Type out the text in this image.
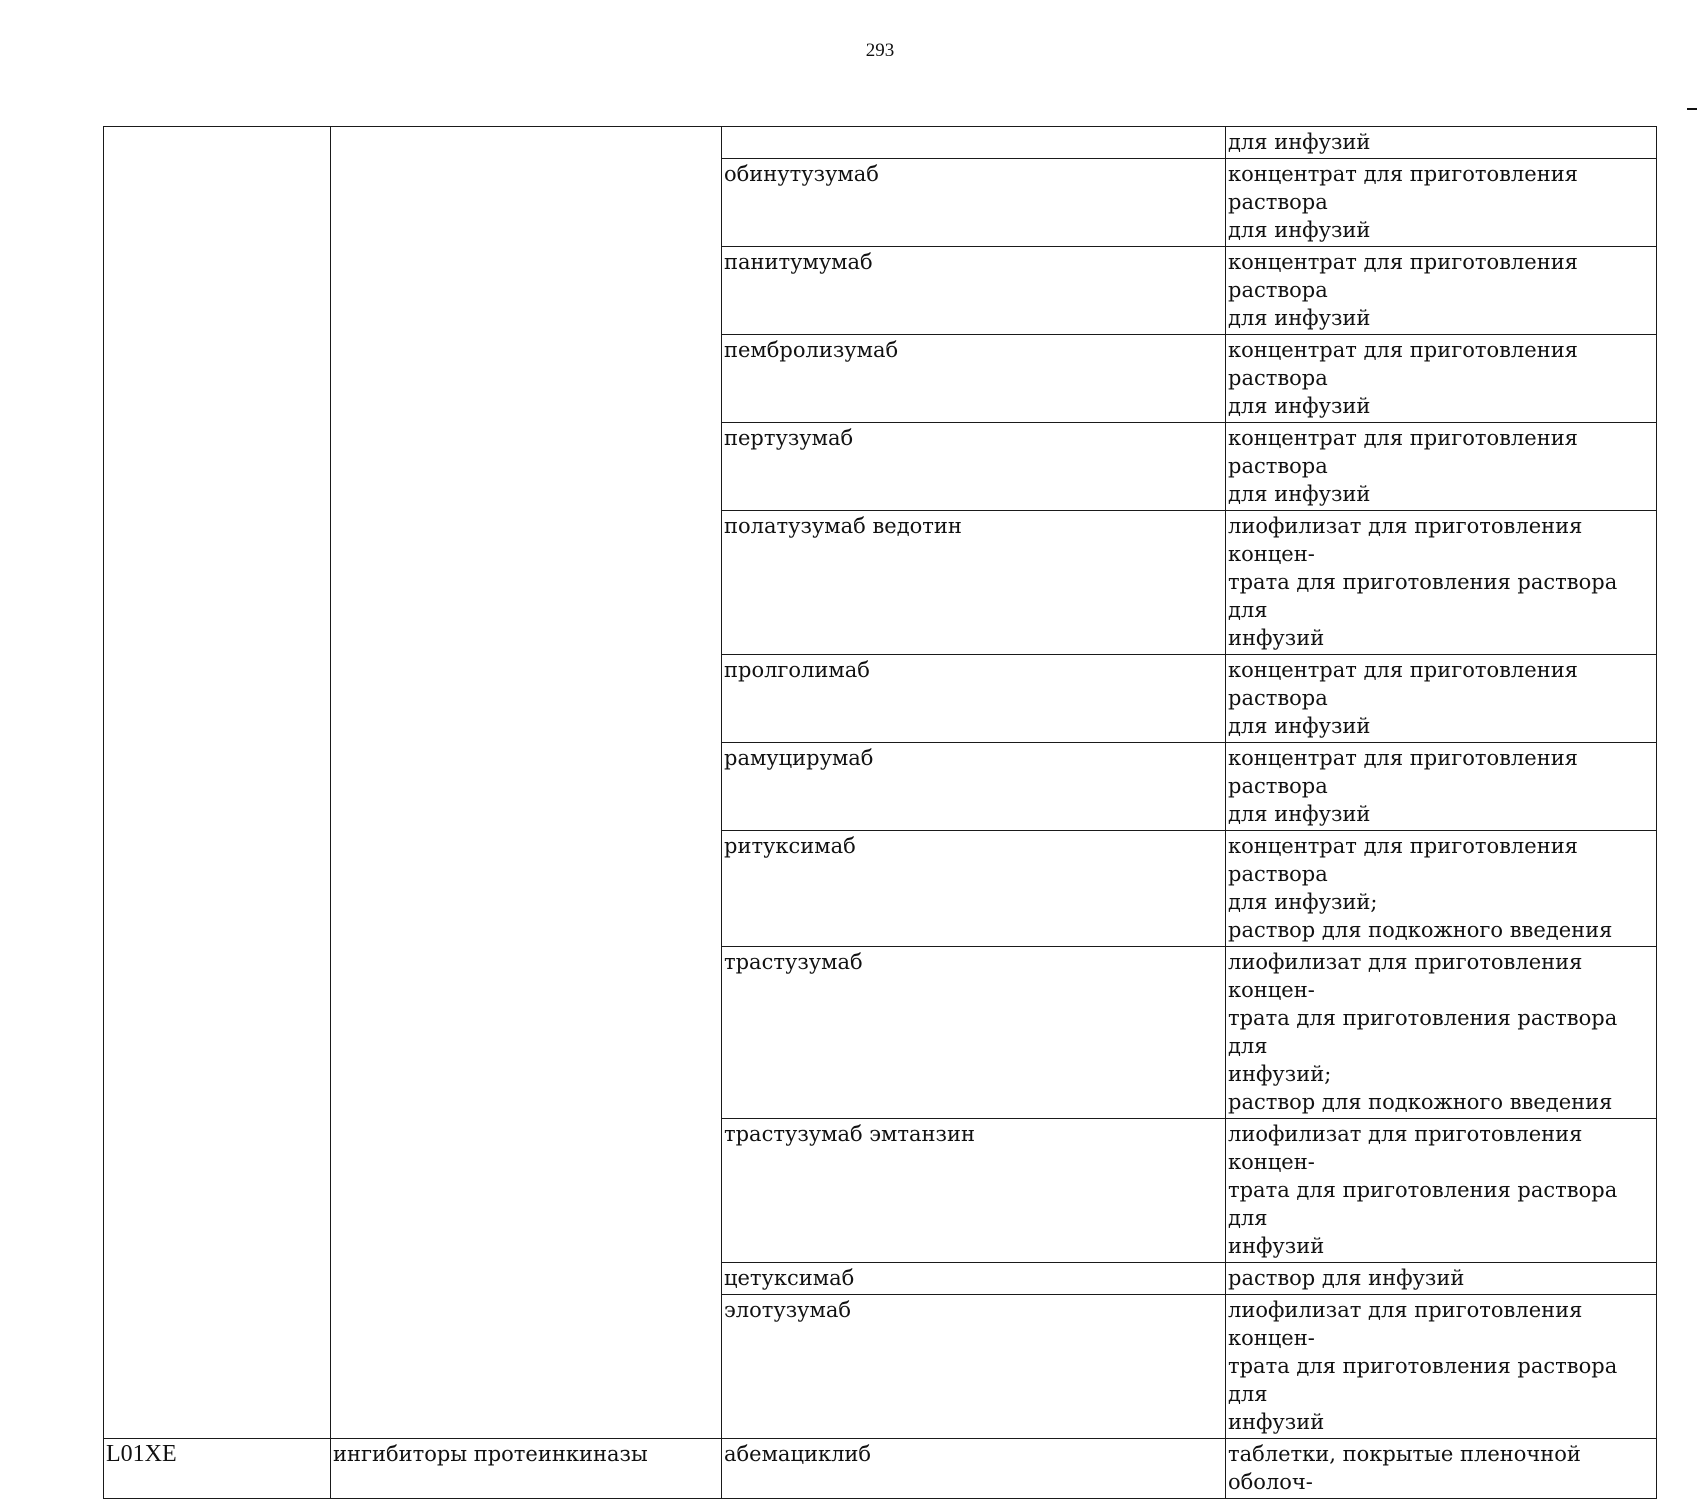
293
			для инфузий
		обинутузумаб	концентрат для приготовления раствора
для инфузий
		панитумумаб	концентрат для приготовления раствора
для инфузий
		пембролизумаб	концентрат для приготовления раствора
для инфузий
		пертузумаб	концентрат для приготовления раствора
для инфузий
		полатузумаб ведотин	лиофилизат для приготовления концен-
трата для приготовления раствора для
инфузий
		пролголимаб	концентрат для приготовления раствора
для инфузий
		рамуцирумаб	концентрат для приготовления раствора
для инфузий
		ритуксимаб	концентрат для приготовления раствора
для инфузий;
раствор для подкожного введения
		трастузумаб	лиофилизат для приготовления концен-
трата для приготовления раствора для
инфузий;
раствор для подкожного введения
		трастузумаб эмтанзин	лиофилизат для приготовления концен-
трата для приготовления раствора для
инфузий
		цетуксимаб	раствор для инфузий
		элотузумаб	лиофилизат для приготовления концен-
трата для приготовления раствора для
инфузий
L01XE	ингибиторы протеинкиназы	абемациклиб	таблетки, покрытые пленочной оболоч-
